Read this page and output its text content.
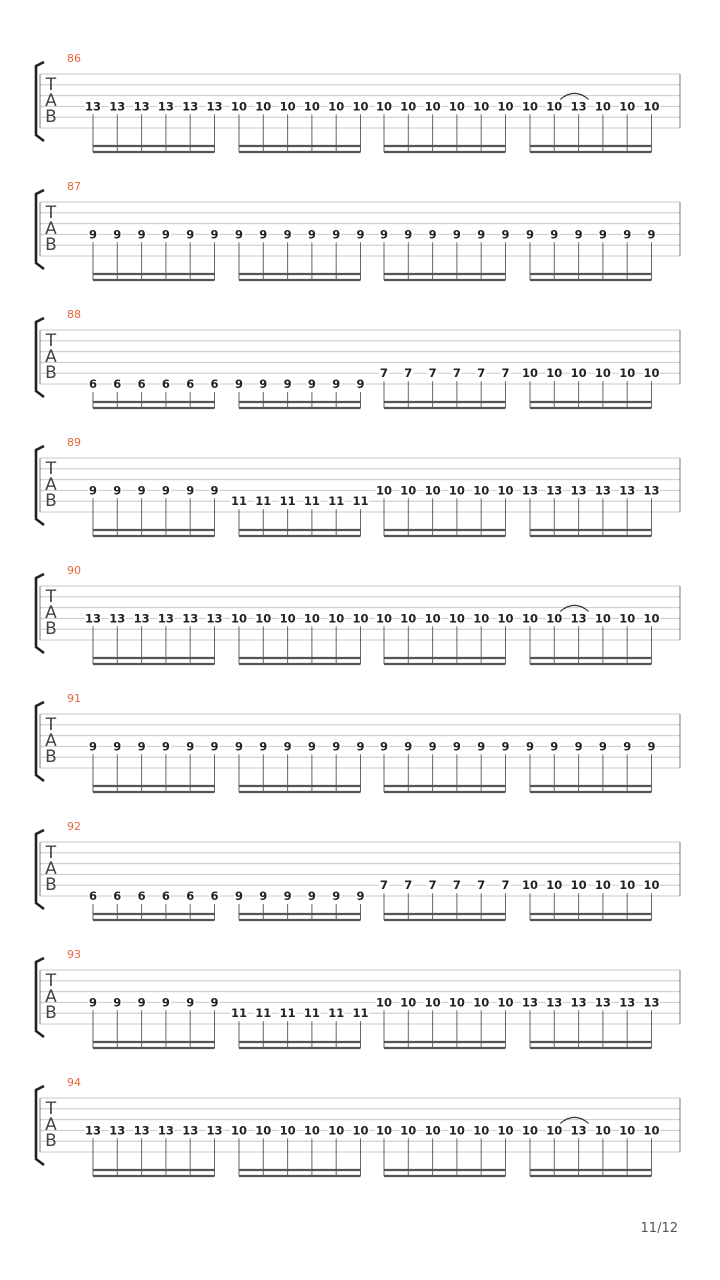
86
T
A
B
13 13 13 13 13 13 10 10 10 10 10 10 10 10 10 10 10 10 10 10 13 10 10 10
87
T
A
B
9 9 9 9 9 9 9 9 9 9 9 9 9 9 9 9 9 9 9 9 9 9 9 9
88
T
A
B
6 6 6 6 6 6 9 9 9 9 9 9
7 7 7 7 7 7 10 10 10 10 10 10
89
T
A
B
9 9 9 9 9 9
11 11 11 11 11 11
10 10 10 10 10 10 13 13 13 13 13 13
90
T
A
B
13 13 13 13 13 13 10 10 10 10 10 10 10 10 10 10 10 10 10 10 13 10 10 10
91
T
A
B
9 9 9 9 9 9 9 9 9 9 9 9 9 9 9 9 9 9 9 9 9 9 9 9
92
T
A
B
6 6 6 6 6 6 9 9 9 9 9 9
7 7 7 7 7 7 10 10 10 10 10 10
93
T
A
B
9 9 9 9 9 9
11 11 11 11 11 11
10 10 10 10 10 10 13 13 13 13 13 13
94
T
A
B
13 13 13 13 13 13 10 10 10 10 10 10 10 10 10 10 10 10 10 10 13 10 10 10
11/12
